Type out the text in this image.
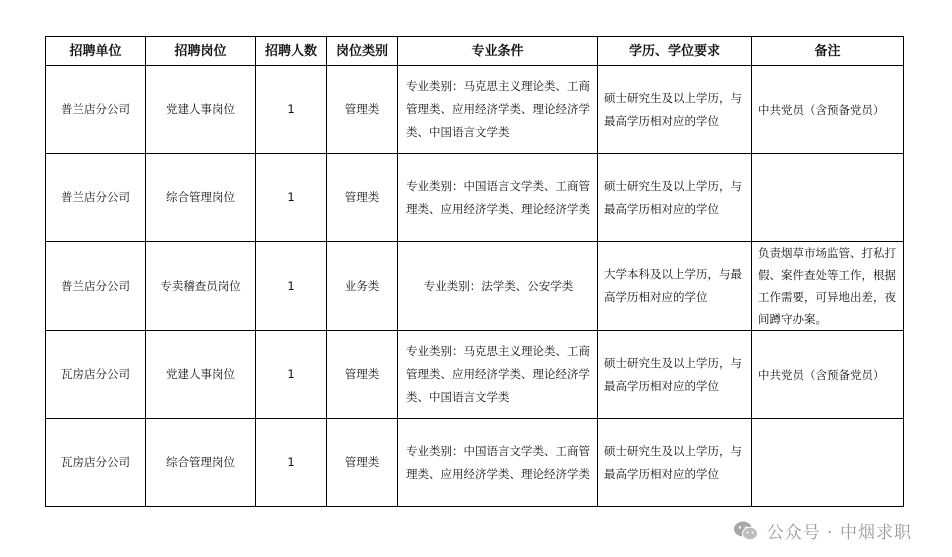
招聘单位	招聘岗位	招聘人数	岗位类别	专业条件	学历、学位要求	备注
普兰店分公司	党建人事岗位	1	管理类	专业类别：马克思主义理论类、工商管理类、应用经济学类、理论经济学类、中国语言文学类	硕士研究生及以上学历，与最高学历相对应的学位	中共党员（含预备党员）
普兰店分公司	综合管理岗位	1	管理类	专业类别：中国语言文学类、工商管理类、应用经济学类、理论经济学类	硕士研究生及以上学历，与最高学历相对应的学位	
普兰店分公司	专卖稽查员岗位	1	业务类	专业类别：法学类、公安学类	大学本科及以上学历，与最高学历相对应的学位	负责烟草市场监管、打私打假、案件查处等工作，根据工作需要，可异地出差，夜间蹲守办案。
瓦房店分公司	党建人事岗位	1	管理类	专业类别：马克思主义理论类、工商管理类、应用经济学类、理论经济学类、中国语言文学类	硕士研究生及以上学历，与最高学历相对应的学位	中共党员（含预备党员）
瓦房店分公司	综合管理岗位	1	管理类	专业类别：中国语言文学类、工商管理类、应用经济学类、理论经济学类	硕士研究生及以上学历，与最高学历相对应的学位	
公众号 · 中烟求职
